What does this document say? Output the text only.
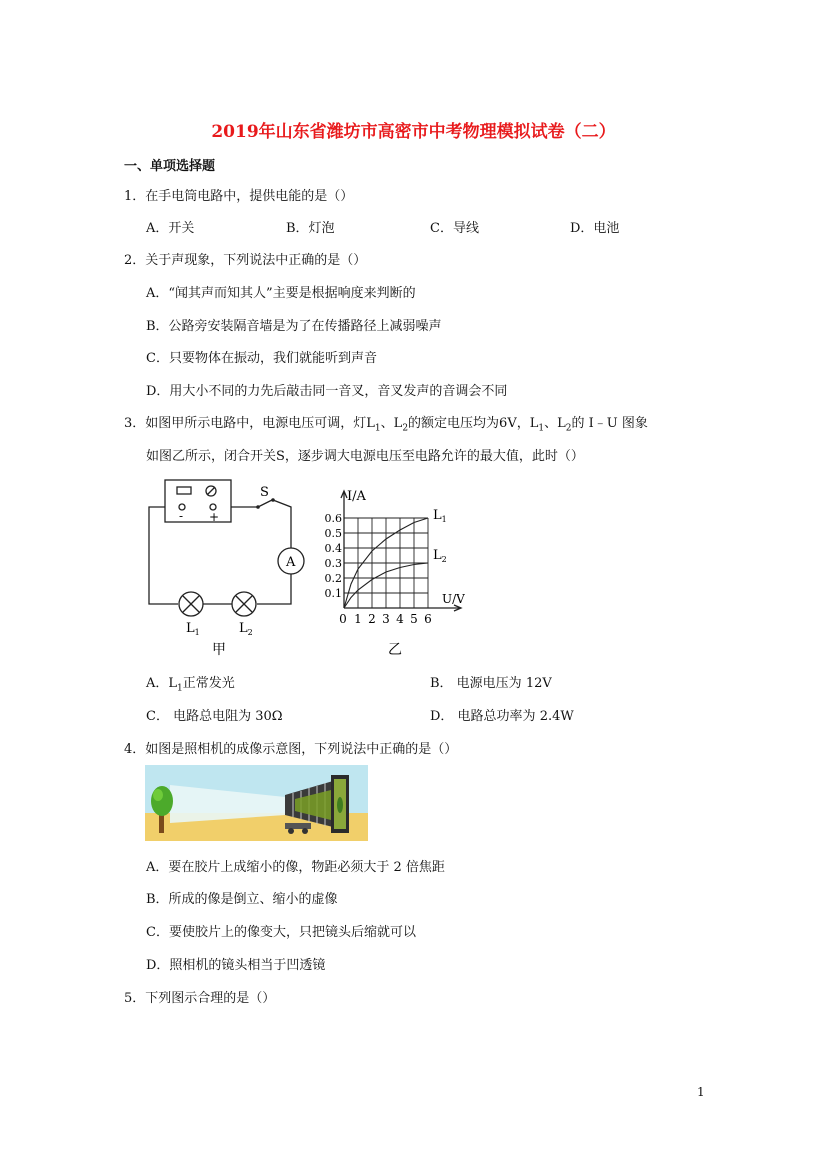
2019年山东省潍坊市高密市中考物理模拟试卷（二）
一、单项选择题
1．在手电筒电路中，提供电能的是（）
A．开关	B．灯泡	C．导线	D．电池
2．关于声现象，下列说法中正确的是（）
A．“闻其声而知其人”主要是根据响度来判断的
B．公路旁安装隔音墙是为了在传播路径上减弱噪声
C．只要物体在振动，我们就能听到声音
D．用大小不同的力先后敲击同一音叉，音叉发声的音调会不同
3．如图甲所示电路中，电源电压可调，灯$L_1$、$L_2$的额定电压均为6V，$L_1$、$L_2$的 I﹣U 图象
如图乙所示，闭合开关S，逐步调大电源电压至电路允许的最大值，此时（）
S
A
- +
$L_1$	$L_2$
甲
$L_1$
$L_2$
0.1
0.2
0.3
0.4
0.5
0.6
0 1 2 3 4 5 6
I/A
U/V
乙
A．$L_1$正常发光	B． 电源电压为 12V
C． 电路总电阻为 30Ω	D． 电路总功率为 2.4W
4．如图是照相机的成像示意图，下列说法中正确的是（）
A．要在胶片上成缩小的像，物距必须大于 2 倍焦距
B．所成的像是倒立、缩小的虚像
C．要使胶片上的像变大，只把镜头后缩就可以
D．照相机的镜头相当于凹透镜
5．下列图示合理的是（）
1
